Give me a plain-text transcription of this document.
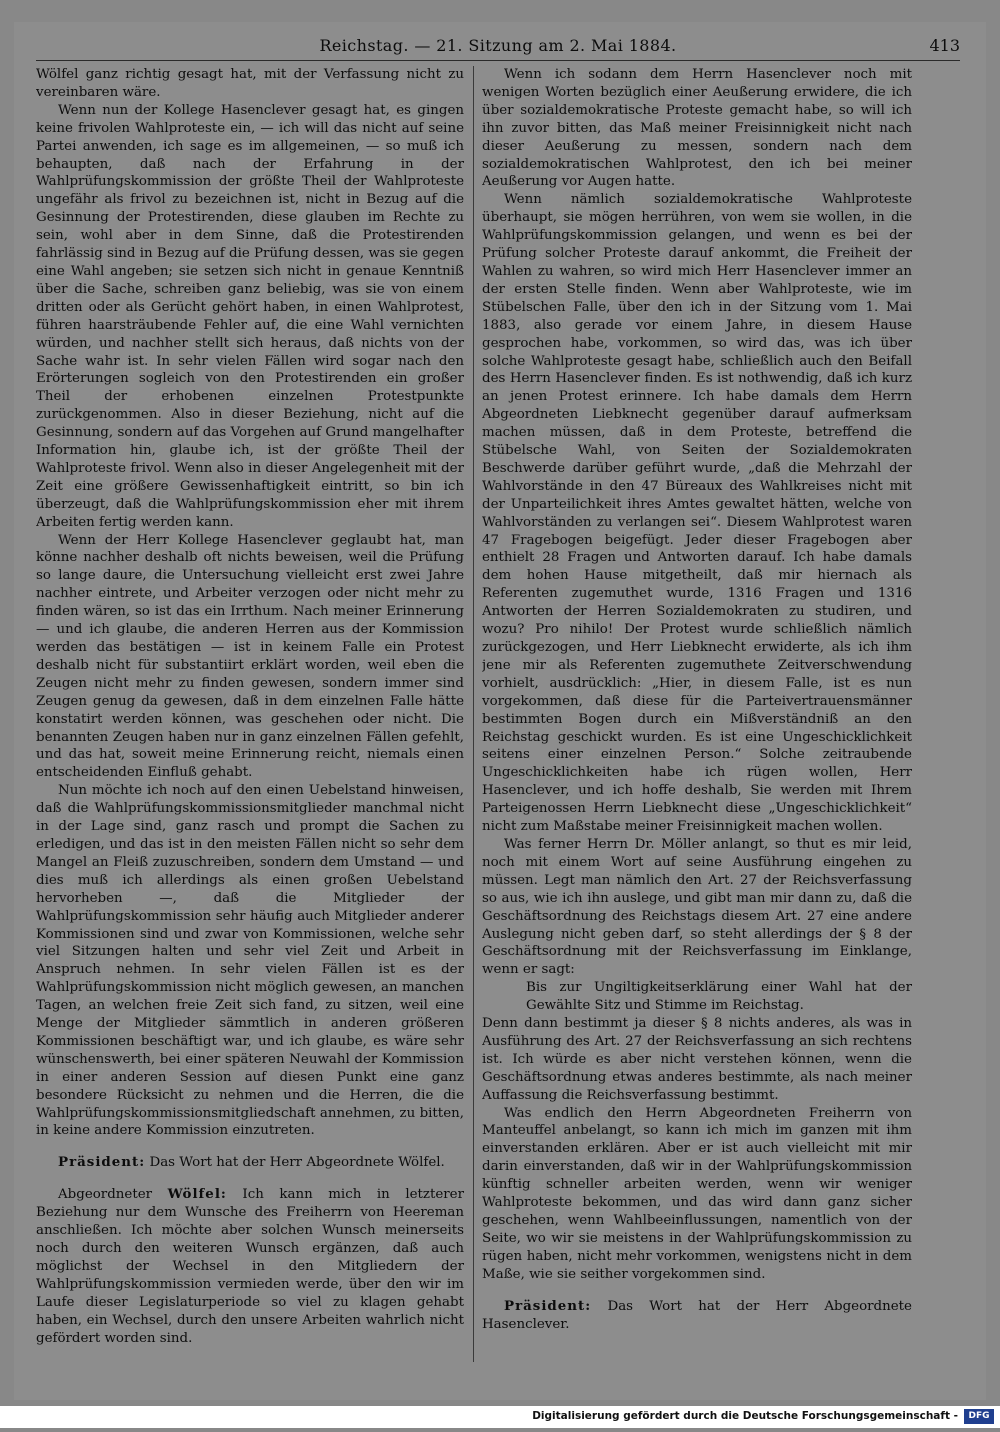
Reichstag. — 21. Sitzung am 2. Mai 1884.	413

Wölfel ganz richtig gesagt hat, mit der Verfassung nicht zu vereinbaren wäre.

Wenn nun der Kollege Hasenclever gesagt hat, es gingen keine frivolen Wahlproteste ein, — ich will das nicht auf seine Partei anwenden, ich sage es im allgemeinen, — so muß ich behaupten, daß nach der Erfahrung in der Wahlprüfungskommission der größte Theil der Wahlproteste ungefähr als frivol zu bezeichnen ist, nicht in Bezug auf die Gesinnung der Protestirenden, diese glauben im Rechte zu sein, wohl aber in dem Sinne, daß die Protestirenden fahrlässig sind in Bezug auf die Prüfung dessen, was sie gegen eine Wahl angeben; sie setzen sich nicht in genaue Kenntniß über die Sache, schreiben ganz beliebig, was sie von einem dritten oder als Gerücht gehört haben, in einen Wahlprotest, führen haarsträubende Fehler auf, die eine Wahl vernichten würden, und nachher stellt sich heraus, daß nichts von der Sache wahr ist. In sehr vielen Fällen wird sogar nach den Erörterungen sogleich von den Protestirenden ein großer Theil der erhobenen einzelnen Protestpunkte zurückgenommen. Also in dieser Beziehung, nicht auf die Gesinnung, sondern auf das Vorgehen auf Grund mangelhafter Information hin, glaube ich, ist der größte Theil der Wahlproteste frivol. Wenn also in dieser Angelegenheit mit der Zeit eine größere Gewissenhaftigkeit eintritt, so bin ich überzeugt, daß die Wahlprüfungskommission eher mit ihrem Arbeiten fertig werden kann.

Wenn der Herr Kollege Hasenclever geglaubt hat, man könne nachher deshalb oft nichts beweisen, weil die Prüfung so lange daure, die Untersuchung vielleicht erst zwei Jahre nachher eintrete, und Arbeiter verzogen oder nicht mehr zu finden wären, so ist das ein Irrthum. Nach meiner Erinnerung — und ich glaube, die anderen Herren aus der Kommission werden das bestätigen — ist in keinem Falle ein Protest deshalb nicht für substantiirt erklärt worden, weil eben die Zeugen nicht mehr zu finden gewesen, sondern immer sind Zeugen genug da gewesen, daß in dem einzelnen Falle hätte konstatirt werden können, was geschehen oder nicht. Die benannten Zeugen haben nur in ganz einzelnen Fällen gefehlt, und das hat, soweit meine Erinnerung reicht, niemals einen entscheidenden Einfluß gehabt.

Nun möchte ich noch auf den einen Uebelstand hinweisen, daß die Wahlprüfungskommissionsmitglieder manchmal nicht in der Lage sind, ganz rasch und prompt die Sachen zu erledigen, und das ist in den meisten Fällen nicht so sehr dem Mangel an Fleiß zuzuschreiben, sondern dem Umstand — und dies muß ich allerdings als einen großen Uebelstand hervorheben —, daß die Mitglieder der Wahlprüfungskommission sehr häufig auch Mitglieder anderer Kommissionen sind und zwar von Kommissionen, welche sehr viel Sitzungen halten und sehr viel Zeit und Arbeit in Anspruch nehmen. In sehr vielen Fällen ist es der Wahlprüfungskommission nicht möglich gewesen, an manchen Tagen, an welchen freie Zeit sich fand, zu sitzen, weil eine Menge der Mitglieder sämmtlich in anderen größeren Kommissionen beschäftigt war, und ich glaube, es wäre sehr wünschenswerth, bei einer späteren Neuwahl der Kommission in einer anderen Session auf diesen Punkt eine ganz besondere Rücksicht zu nehmen und die Herren, die die Wahlprüfungskommissionsmitgliedschaft annehmen, zu bitten, in keine andere Kommission einzutreten.

Präsident: Das Wort hat der Herr Abgeordnete Wölfel.

Abgeordneter Wölfel: Ich kann mich in letzterer Beziehung nur dem Wunsche des Freiherrn von Heereman anschließen. Ich möchte aber solchen Wunsch meinerseits noch durch den weiteren Wunsch ergänzen, daß auch möglichst der Wechsel in den Mitgliedern der Wahlprüfungskommission vermieden werde, über den wir im Laufe dieser Legislaturperiode so viel zu klagen gehabt haben, ein Wechsel, durch den unsere Arbeiten wahrlich nicht gefördert worden sind.

Wenn ich sodann dem Herrn Hasenclever noch mit wenigen Worten bezüglich einer Aeußerung erwidere, die ich über sozialdemokratische Proteste gemacht habe, so will ich ihn zuvor bitten, das Maß meiner Freisinnigkeit nicht nach dieser Aeußerung zu messen, sondern nach dem sozialdemokratischen Wahlprotest, den ich bei meiner Aeußerung vor Augen hatte.

Wenn nämlich sozialdemokratische Wahlproteste überhaupt, sie mögen herrühren, von wem sie wollen, in die Wahlprüfungskommission gelangen, und wenn es bei der Prüfung solcher Proteste darauf ankommt, die Freiheit der Wahlen zu wahren, so wird mich Herr Hasenclever immer an der ersten Stelle finden. Wenn aber Wahlproteste, wie im Stübelschen Falle, über den ich in der Sitzung vom 1. Mai 1883, also gerade vor einem Jahre, in diesem Hause gesprochen habe, vorkommen, so wird das, was ich über solche Wahlproteste gesagt habe, schließlich auch den Beifall des Herrn Hasenclever finden. Es ist nothwendig, daß ich kurz an jenen Protest erinnere. Ich habe damals dem Herrn Abgeordneten Liebknecht gegenüber darauf aufmerksam machen müssen, daß in dem Proteste, betreffend die Stübelsche Wahl, von Seiten der Sozialdemokraten Beschwerde darüber geführt wurde, „daß die Mehrzahl der Wahlvorstände in den 47 Büreaux des Wahlkreises nicht mit der Unparteilichkeit ihres Amtes gewaltet hätten, welche von Wahlvorständen zu verlangen sei“. Diesem Wahlprotest waren 47 Fragebogen beigefügt. Jeder dieser Fragebogen aber enthielt 28 Fragen und Antworten darauf. Ich habe damals dem hohen Hause mitgetheilt, daß mir hiernach als Referenten zugemuthet wurde, 1316 Fragen und 1316 Antworten der Herren Sozialdemokraten zu studiren, und wozu? Pro nihilo! Der Protest wurde schließlich nämlich zurückgezogen, und Herr Liebknecht erwiderte, als ich ihm jene mir als Referenten zugemuthete Zeitverschwendung vorhielt, ausdrücklich: „Hier, in diesem Falle, ist es nun vorgekommen, daß diese für die Parteivertrauensmänner bestimmten Bogen durch ein Mißverständniß an den Reichstag geschickt wurden. Es ist eine Ungeschicklichkeit seitens einer einzelnen Person.“ Solche zeitraubende Ungeschicklichkeiten habe ich rügen wollen, Herr Hasenclever, und ich hoffe deshalb, Sie werden mit Ihrem Parteigenossen Herrn Liebknecht diese „Ungeschicklichkeit“ nicht zum Maßstabe meiner Freisinnigkeit machen wollen.

Was ferner Herrn Dr. Möller anlangt, so thut es mir leid, noch mit einem Wort auf seine Ausführung eingehen zu müssen. Legt man nämlich den Art. 27 der Reichsverfassung so aus, wie ich ihn auslege, und gibt man mir dann zu, daß die Geschäftsordnung des Reichstags diesem Art. 27 eine andere Auslegung nicht geben darf, so steht allerdings der § 8 der Geschäftsordnung mit der Reichsverfassung im Einklange, wenn er sagt:

Bis zur Ungiltigkeitserklärung einer Wahl hat der Gewählte Sitz und Stimme im Reichstag.

Denn dann bestimmt ja dieser § 8 nichts anderes, als was in Ausführung des Art. 27 der Reichsverfassung an sich rechtens ist. Ich würde es aber nicht verstehen können, wenn die Geschäftsordnung etwas anderes bestimmte, als nach meiner Auffassung die Reichsverfassung bestimmt.

Was endlich den Herrn Abgeordneten Freiherrn von Manteuffel anbelangt, so kann ich mich im ganzen mit ihm einverstanden erklären. Aber er ist auch vielleicht mit mir darin einverstanden, daß wir in der Wahlprüfungskommission künftig schneller arbeiten werden, wenn wir weniger Wahlproteste bekommen, und das wird dann ganz sicher geschehen, wenn Wahlbeeinflussungen, namentlich von der Seite, wo wir sie meistens in der Wahlprüfungskommission zu rügen haben, nicht mehr vorkommen, wenigstens nicht in dem Maße, wie sie seither vorgekommen sind.

Präsident: Das Wort hat der Herr Abgeordnete Hasenclever.

Digitalisierung gefördert durch die Deutsche Forschungsgemeinschaft -	DFG
